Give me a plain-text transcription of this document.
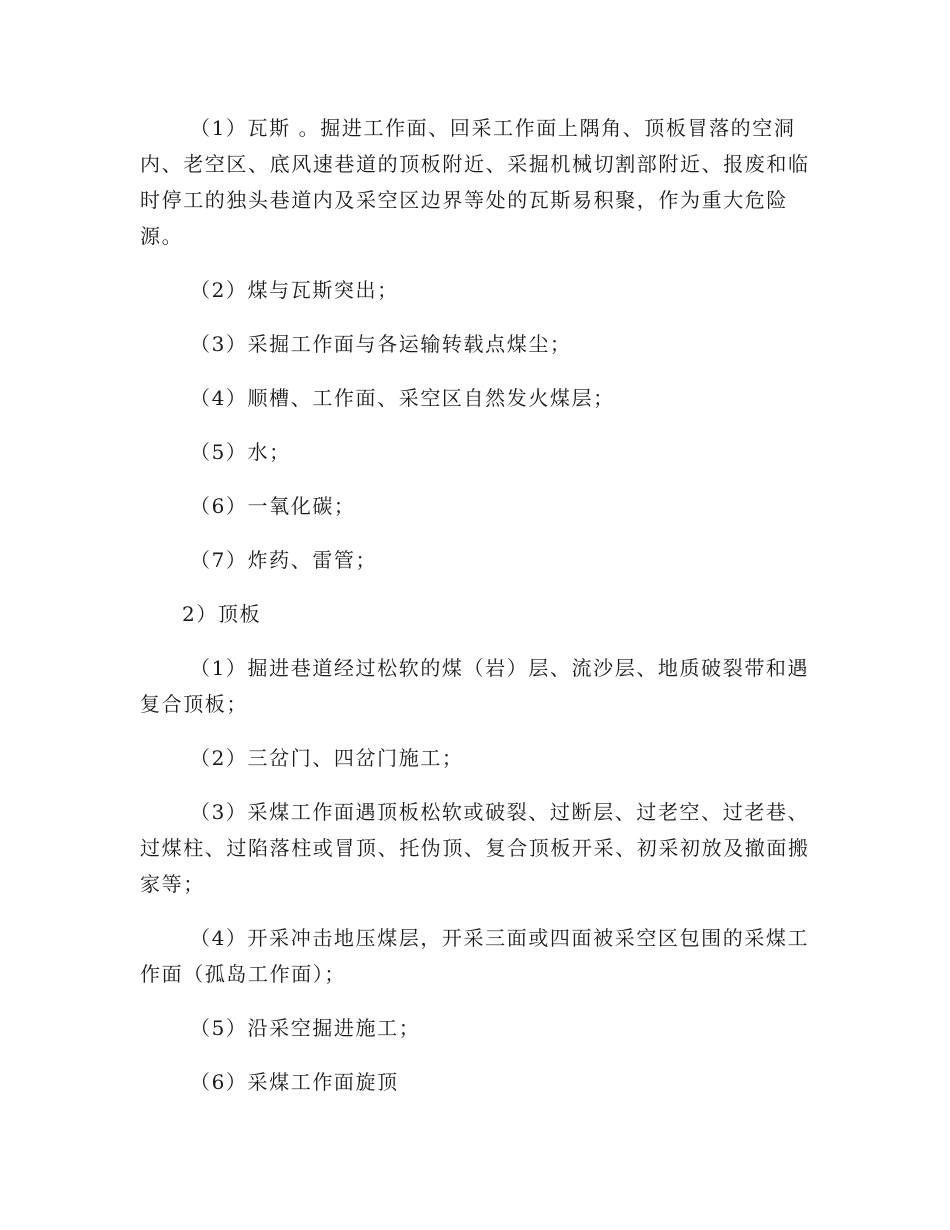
（1）瓦斯 。掘进工作面、回采工作面上隅角、顶板冒落的空洞内、老空区、底风速巷道的顶板附近、采掘机械切割部附近、报废和临时停工的独头巷道内及采空区边界等处的瓦斯易积聚，作为重大危险源。

（2）煤与瓦斯突出；

（3）采掘工作面与各运输转载点煤尘；

（4）顺槽、工作面、采空区自然发火煤层；

（5）水；

（6）一氧化碳；

（7）炸药、雷管；

2）顶板

（1）掘进巷道经过松软的煤（岩）层、流沙层、地质破裂带和遇复合顶板；

（2）三岔门、四岔门施工；

（3）采煤工作面遇顶板松软或破裂、过断层、过老空、过老巷、过煤柱、过陷落柱或冒顶、托伪顶、复合顶板开采、初采初放及撤面搬家等；

（4）开采冲击地压煤层，开采三面或四面被采空区包围的采煤工作面（孤岛工作面）；

（5）沿采空掘进施工；

（6）采煤工作面旋顶
